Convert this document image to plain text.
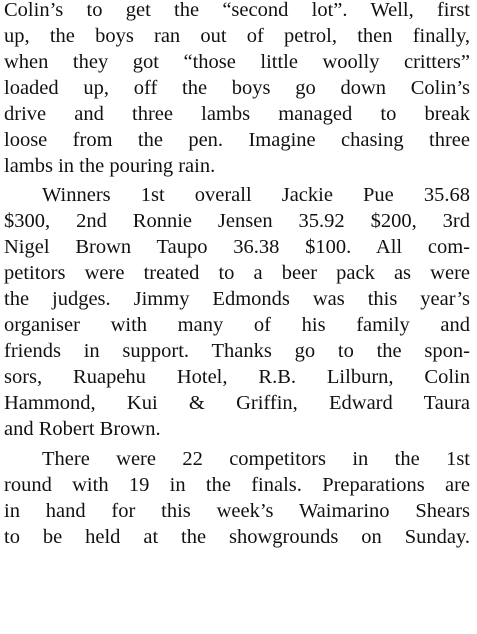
Colin’s to get the “second lot”. Well, first
up, the boys ran out of petrol, then finally,
when they got “those little woolly critters”
loaded up, off the boys go down Colin’s
drive and three lambs managed to break
loose from the pen. Imagine chasing three
lambs in the pouring rain.
Winners 1st overall Jackie Pue 35.68
$300, 2nd Ronnie Jensen 35.92 $200, 3rd
Nigel Brown Taupo 36.38 $100. All com-
petitors were treated to a beer pack as were
the judges. Jimmy Edmonds was this year’s
organiser with many of his family and
friends in support. Thanks go to the spon-
sors, Ruapehu Hotel, R.B. Lilburn, Colin
Hammond, Kui & Griffin, Edward Taura
and Robert Brown.
There were 22 competitors in the 1st
round with 19 in the finals. Preparations are
in hand for this week’s Waimarino Shears
to be held at the showgrounds on Sunday.
